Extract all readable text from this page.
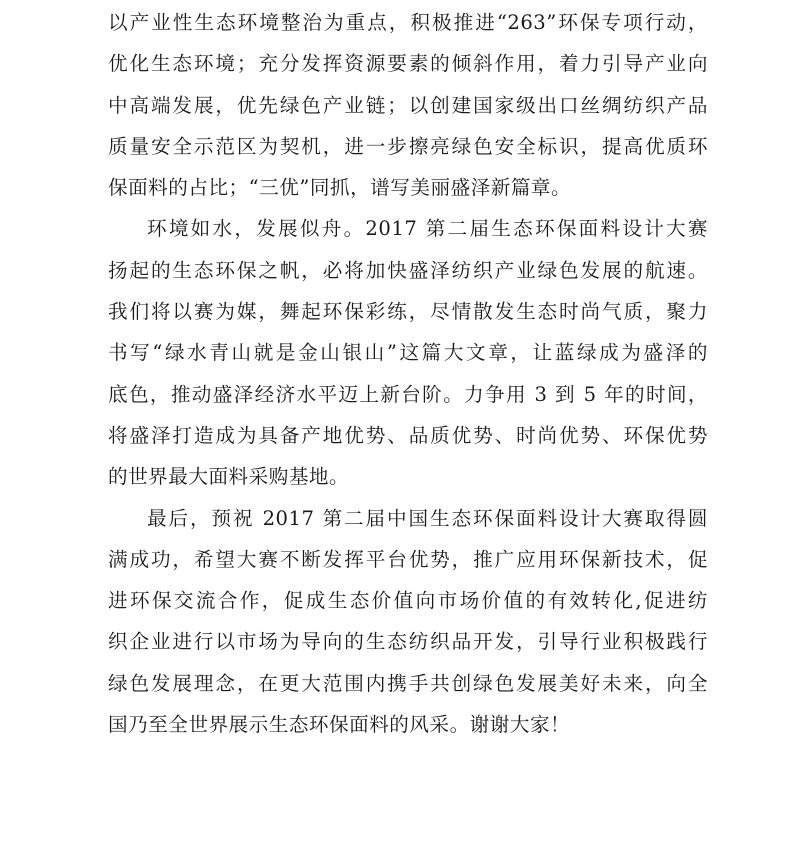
以产业性生态环境整治为重点，积极推进“263”环保专项行动，
优化生态环境；充分发挥资源要素的倾斜作用，着力引导产业向
中高端发展，优先绿色产业链；以创建国家级出口丝绸纺织产品
质量安全示范区为契机，进一步擦亮绿色安全标识，提高优质环
保面料的占比；“三优”同抓，谱写美丽盛泽新篇章。
环境如水，发展似舟。2017 第二届生态环保面料设计大赛
扬起的生态环保之帆，必将加快盛泽纺织产业绿色发展的航速。
我们将以赛为媒，舞起环保彩练，尽情散发生态时尚气质，聚力
书写“绿水青山就是金山银山”这篇大文章，让蓝绿成为盛泽的
底色，推动盛泽经济水平迈上新台阶。力争用 3 到 5 年的时间，
将盛泽打造成为具备产地优势、品质优势、时尚优势、环保优势
的世界最大面料采购基地。
最后，预祝 2017 第二届中国生态环保面料设计大赛取得圆
满成功，希望大赛不断发挥平台优势，推广应用环保新技术，促
进环保交流合作，促成生态价值向市场价值的有效转化,促进纺
织企业进行以市场为导向的生态纺织品开发，引导行业积极践行
绿色发展理念，在更大范围内携手共创绿色发展美好未来，向全
国乃至全世界展示生态环保面料的风采。谢谢大家！
